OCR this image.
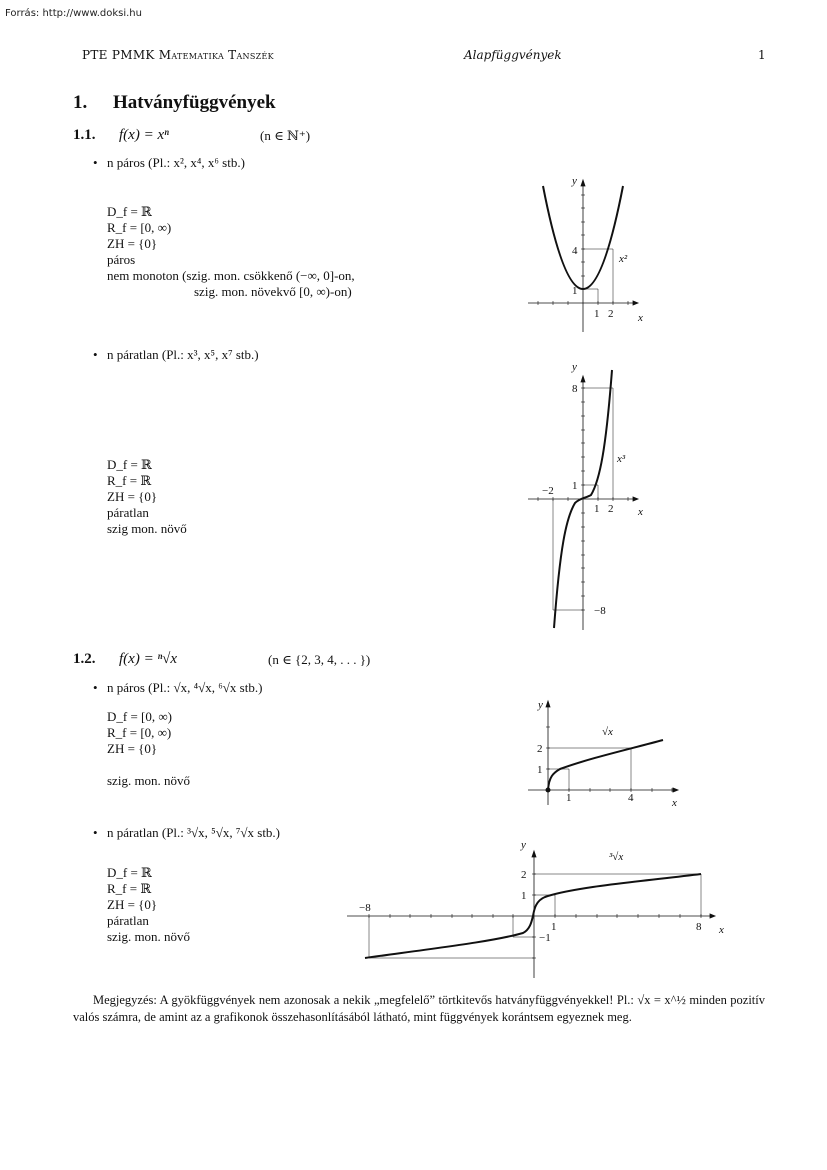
Forrás: http://www.doksi.hu
PTE PMMK Matematika Tanszék	Alapfüggvények	1
1. Hatványfüggvények
1.1. f(x) = xⁿ	(n ∈ ℕ⁺)
• n páros (Pl.: x², x⁴, x⁶ stb.)
D_f = ℝ
R_f = [0, ∞)
ZH = {0}
páros
nem monoton (szig. mon. csökkenő (−∞, 0]-on,
szig. mon. növekvő [0, ∞)-on)
y
x
x²
4
1
1 2
• n páratlan (Pl.: x³, x⁵, x⁷ stb.)
D_f = ℝ
R_f = ℝ
ZH = {0}
páratlan
szig mon. növő
y
x
x³
8
1
−8
−2
1 2
1.2. f(x) = ⁿ√x	(n ∈ {2, 3, 4, . . . })
• n páros (Pl.: √x, ⁴√x, ⁶√x stb.)
D_f = [0, ∞)
R_f = [0, ∞)
ZH = {0}
szig. mon. növő
y
x
√x
2
1
1	4
• n páratlan (Pl.: ³√x, ⁵√x, ⁷√x stb.)
D_f = ℝ
R_f = ℝ
ZH = {0}
páratlan
szig. mon. növő
y
x
³√x
2
1
−1
−8
1	8
Megjegyzés: A gyökfüggvények nem azonosak a nekik „megfelelő” törtkitevős hatványfüggvényekkel! Pl.: √x = x^½ minden pozitív valós számra, de amint az a grafikonok összehasonlításából látható, mint függvények korántsem egyeznek meg.
